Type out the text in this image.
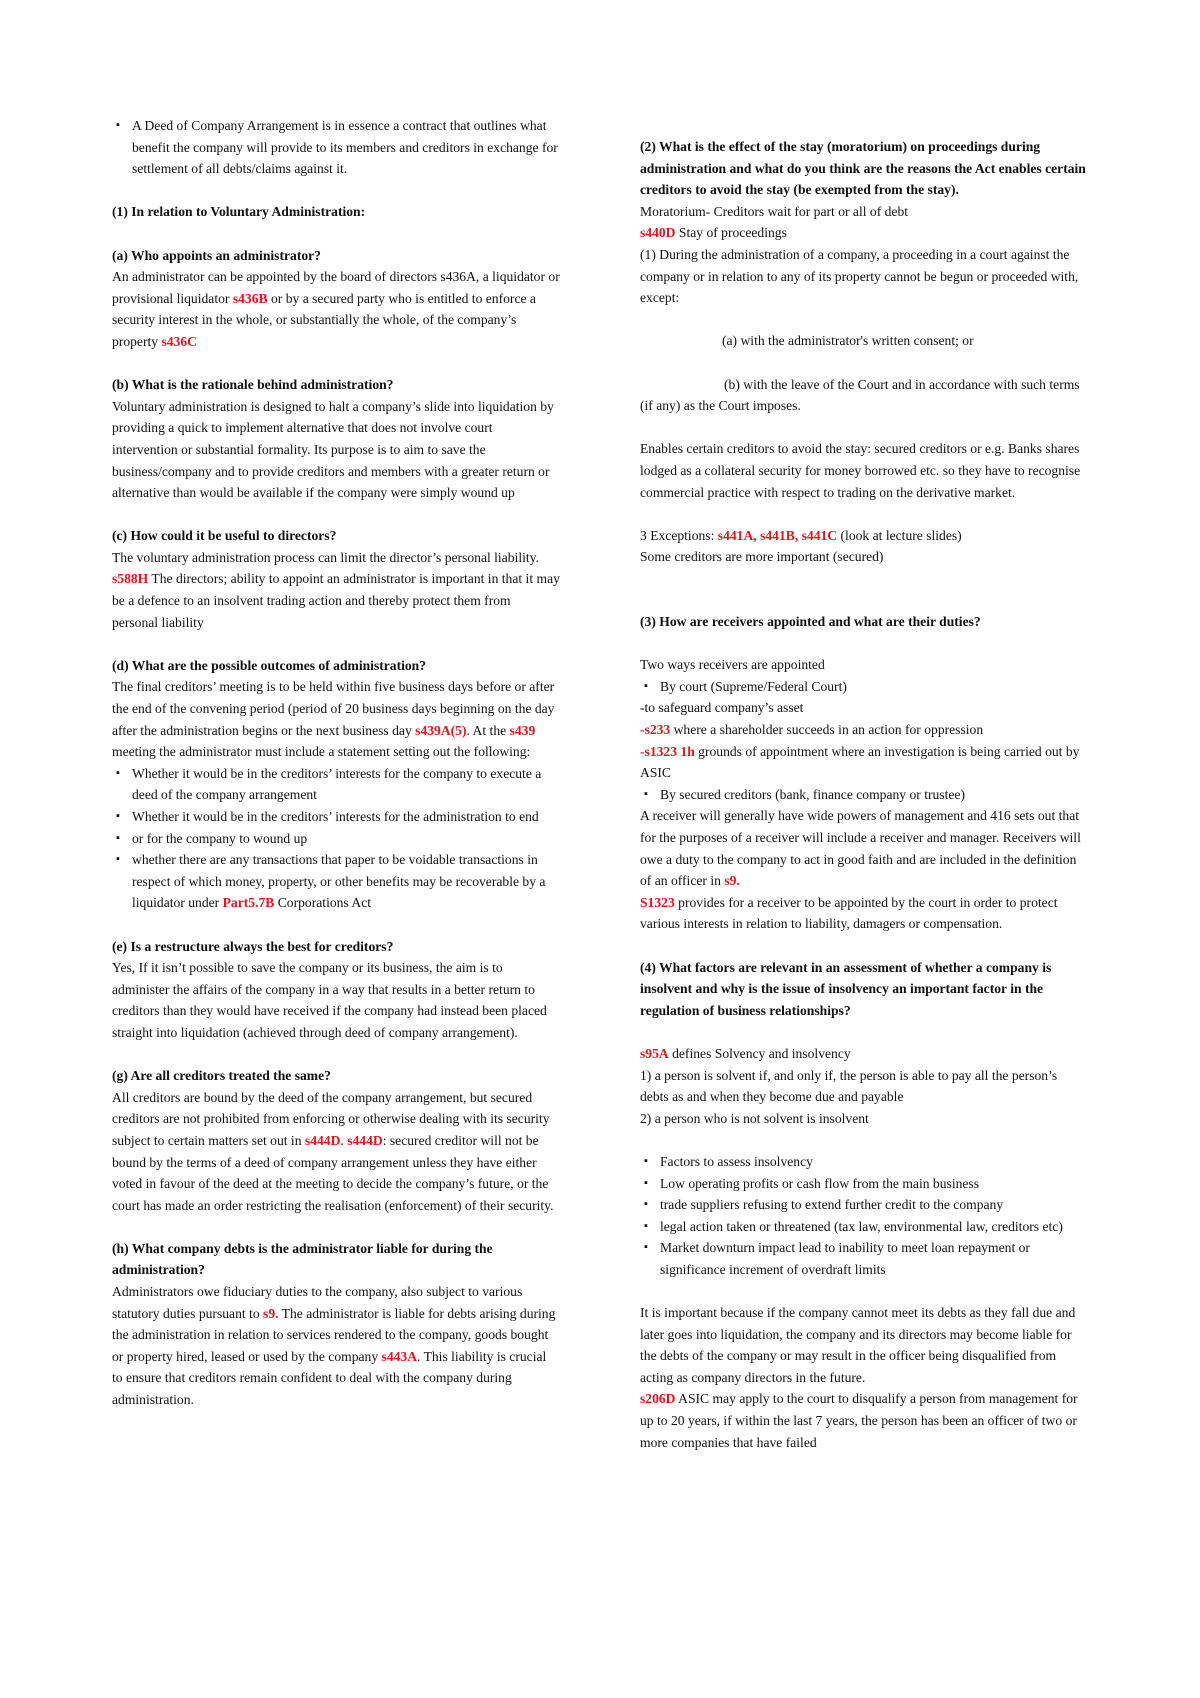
▪ A Deed of Company Arrangement is in essence a contract that outlines what benefit the company will provide to its members and creditors in exchange for settlement of all debts/claims against it.

(1) In relation to Voluntary Administration:

(a) Who appoints an administrator?

An administrator can be appointed by the board of directors s436A, a liquidator or provisional liquidator s436B or by a secured party who is entitled to enforce a security interest in the whole, or substantially the whole, of the company’s property s436C

(b) What is the rationale behind administration?

Voluntary administration is designed to halt a company’s slide into liquidation by providing a quick to implement alternative that does not involve court intervention or substantial formality. Its purpose is to aim to save the business/company and to provide creditors and members with a greater return or alternative than would be available if the company were simply wound up

(c) How could it be useful to directors?

The voluntary administration process can limit the director’s personal liability. s588H The directors; ability to appoint an administrator is important in that it may be a defence to an insolvent trading action and thereby protect them from personal liability

(d) What are the possible outcomes of administration?

The final creditors’ meeting is to be held within five business days before or after the end of the convening period (period of 20 business days beginning on the day after the administration begins or the next business day s439A(5). At the s439 meeting the administrator must include a statement setting out the following:

▪ Whether it would be in the creditors’ interests for the company to execute a deed of the company arrangement
▪ Whether it would be in the creditors’ interests for the administration to end
▪ or for the company to wound up
▪ whether there are any transactions that paper to be voidable transactions in respect of which money, property, or other benefits may be recoverable by a liquidator under Part5.7B Corporations Act

(e) Is a restructure always the best for creditors?

Yes, If it isn’t possible to save the company or its business, the aim is to administer the affairs of the company in a way that results in a better return to creditors than they would have received if the company had instead been placed straight into liquidation (achieved through deed of company arrangement).

(g) Are all creditors treated the same?

All creditors are bound by the deed of the company arrangement, but secured creditors are not prohibited from enforcing or otherwise dealing with its security subject to certain matters set out in s444D. s444D: secured creditor will not be bound by the terms of a deed of company arrangement unless they have either voted in favour of the deed at the meeting to decide the company’s future, or the court has made an order restricting the realisation (enforcement) of their security.

(h) What company debts is the administrator liable for during the administration?

Administrators owe fiduciary duties to the company, also subject to various statutory duties pursuant to s9. The administrator is liable for debts arising during the administration in relation to services rendered to the company, goods bought or property hired, leased or used by the company s443A. This liability is crucial to ensure that creditors remain confident to deal with the company during administration.

(2) What is the effect of the stay (moratorium) on proceedings during administration and what do you think are the reasons the Act enables certain creditors to avoid the stay (be exempted from the stay).

Moratorium- Creditors wait for part or all of debt

s440D Stay of proceedings

(1) During the administration of a company, a proceeding in a court against the company or in relation to any of its property cannot be begun or proceeded with, except:

(a) with the administrator's written consent; or

(b) with the leave of the Court and in accordance with such terms (if any) as the Court imposes.

Enables certain creditors to avoid the stay: secured creditors or e.g. Banks shares lodged as a collateral security for money borrowed etc. so they have to recognise commercial practice with respect to trading on the derivative market.

3 Exceptions: s441A, s441B, s441C (look at lecture slides)

Some creditors are more important (secured)

(3) How are receivers appointed and what are their duties?

Two ways receivers are appointed

▪ By court (Supreme/Federal Court)

-to safeguard company’s asset

-s233 where a shareholder succeeds in an action for oppression

-s1323 1h grounds of appointment where an investigation is being carried out by ASIC

▪ By secured creditors (bank, finance company or trustee)

A receiver will generally have wide powers of management and 416 sets out that for the purposes of a receiver will include a receiver and manager. Receivers will owe a duty to the company to act in good faith and are included in the definition of an officer in s9.
S1323 provides for a receiver to be appointed by the court in order to protect various interests in relation to liability, damagers or compensation.

(4) What factors are relevant in an assessment of whether a company is insolvent and why is the issue of insolvency an important factor in the regulation of business relationships?

s95A defines Solvency and insolvency

1) a person is solvent if, and only if, the person is able to pay all the person’s debts as and when they become due and payable

2) a person who is not solvent is insolvent

▪ Factors to assess insolvency
▪ Low operating profits or cash flow from the main business
▪ trade suppliers refusing to extend further credit to the company
▪ legal action taken or threatened (tax law, environmental law, creditors etc)
▪ Market downturn impact lead to inability to meet loan repayment or significance increment of overdraft limits

It is important because if the company cannot meet its debts as they fall due and later goes into liquidation, the company and its directors may become liable for the debts of the company or may result in the officer being disqualified from acting as company directors in the future.

s206D ASIC may apply to the court to disqualify a person from management for up to 20 years, if within the last 7 years, the person has been an officer of two or more companies that have failed
